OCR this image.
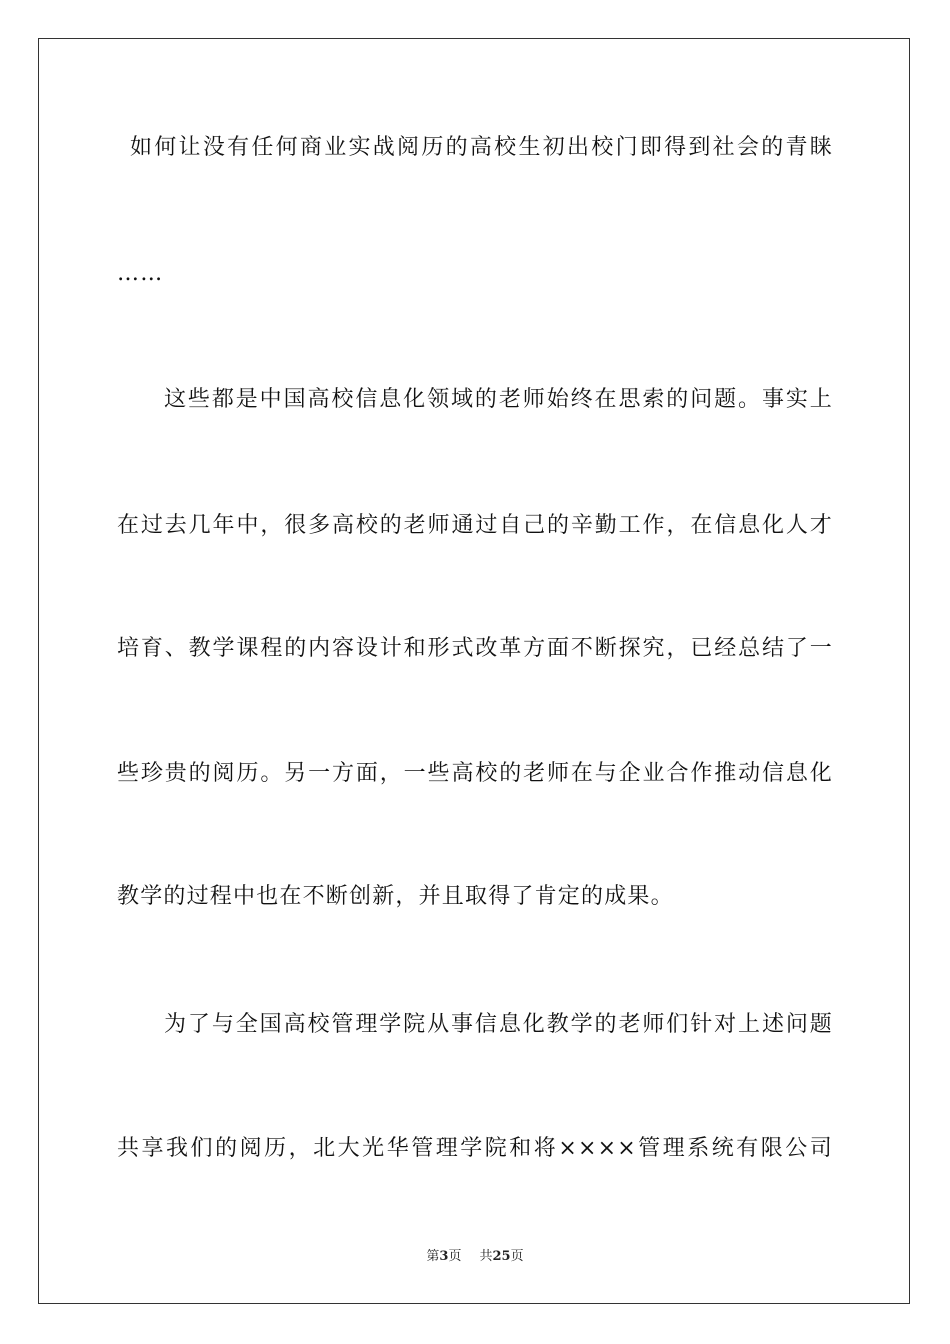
如何让没有任何商业实战阅历的高校生初出校门即得到社会的青睐
……
这些都是中国高校信息化领域的老师始终在思索的问题。事实上
在过去几年中，很多高校的老师通过自己的辛勤工作，在信息化人才
培育、教学课程的内容设计和形式改革方面不断探究，已经总结了一
些珍贵的阅历。另一方面，一些高校的老师在与企业合作推动信息化
教学的过程中也在不断创新，并且取得了肯定的成果。
为了与全国高校管理学院从事信息化教学的老师们针对上述问题
共享我们的阅历，北大光华管理学院和将××××管理系统有限公司
第3页 共25页
